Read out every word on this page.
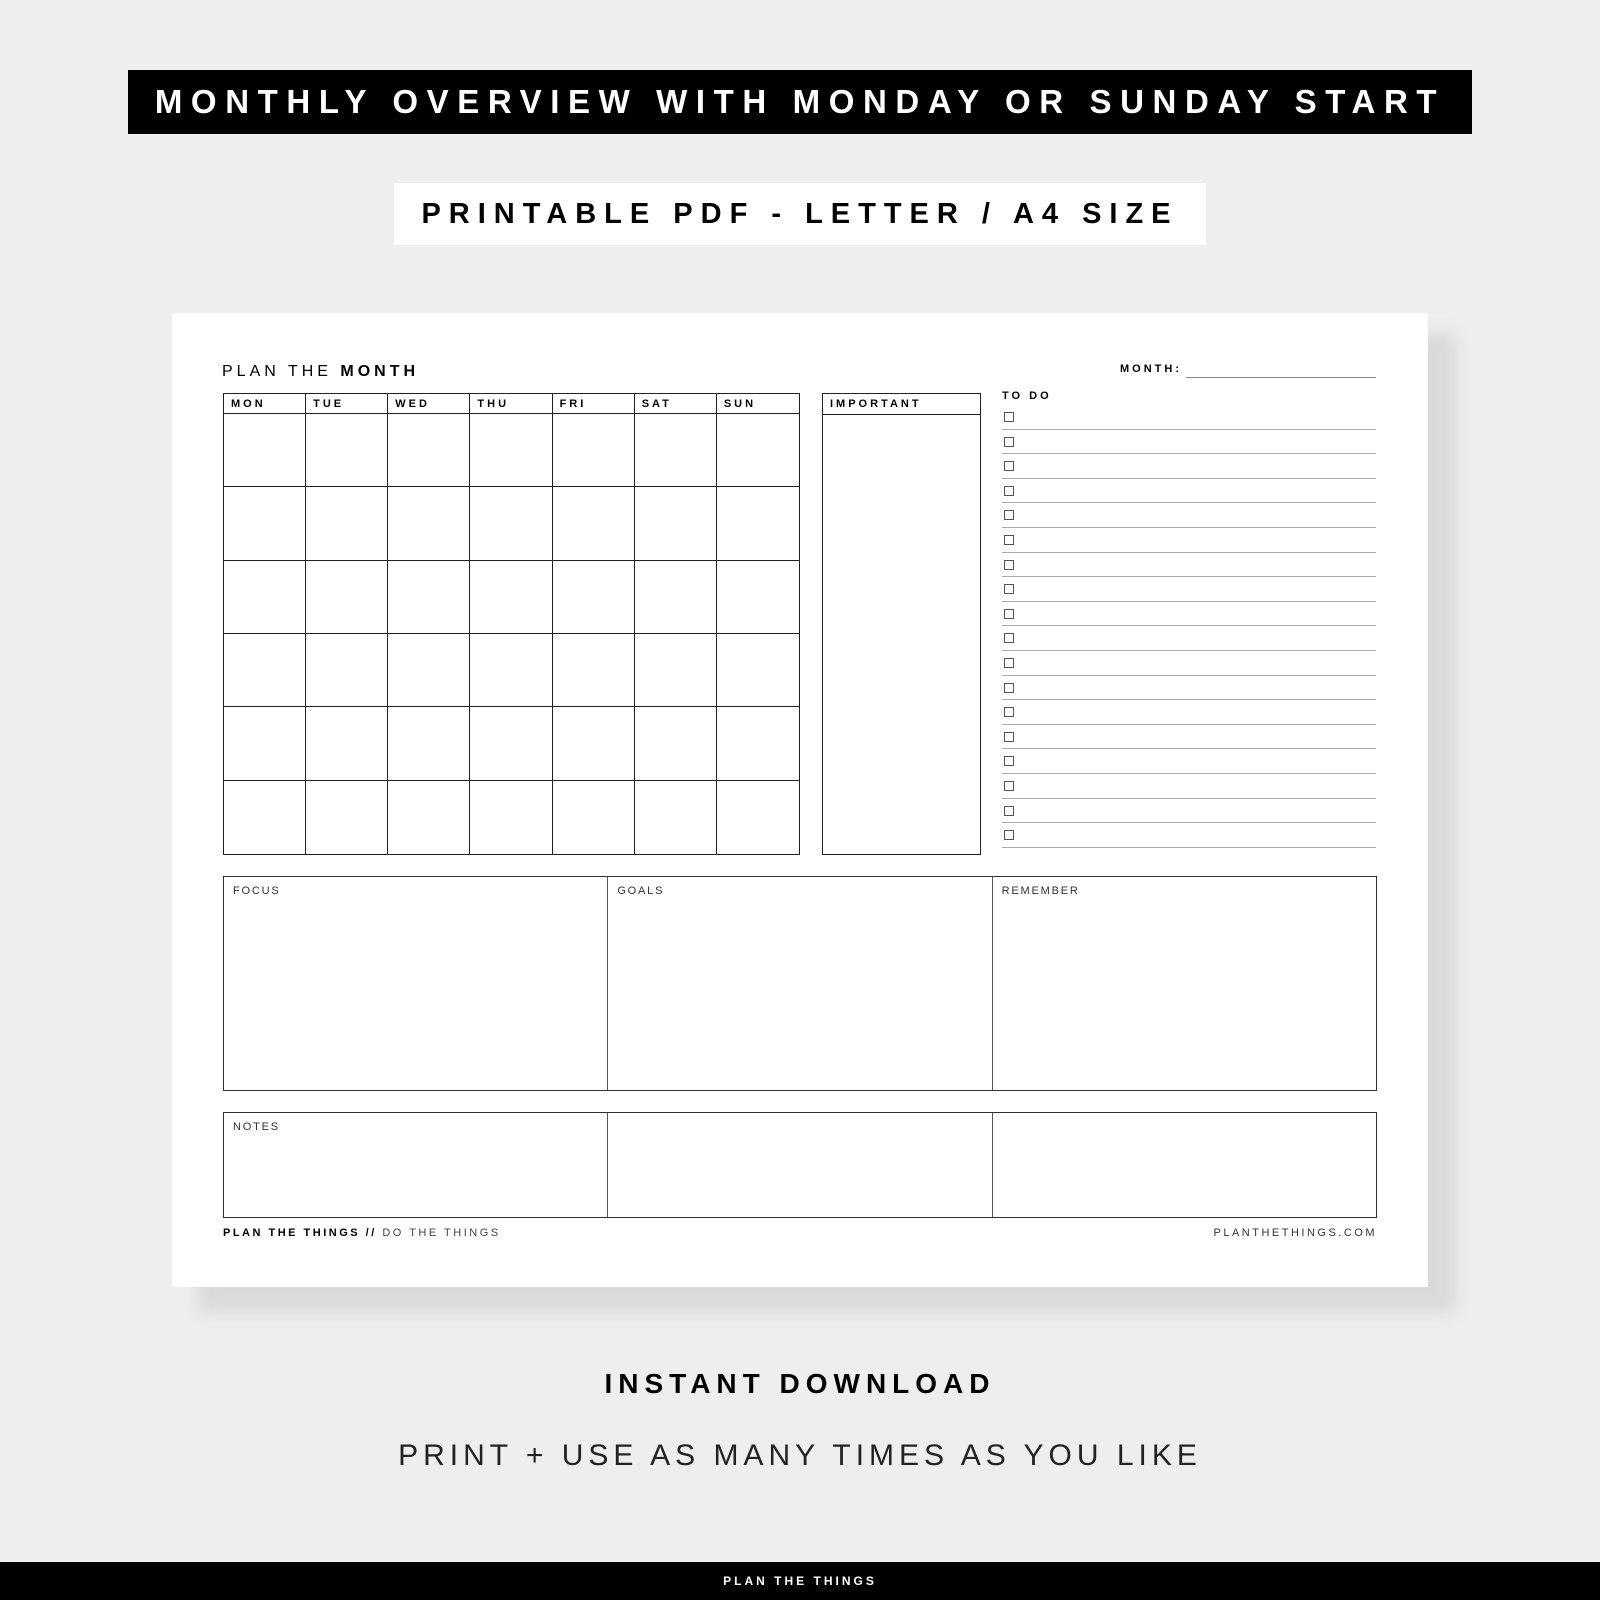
MONTHLY OVERVIEW WITH MONDAY OR SUNDAY START
PRINTABLE PDF - LETTER / A4 SIZE
PLAN THE MONTH	MONTH:
MON	TUE	WED	THU	FRI	SAT	SUN	IMPORTANT
TO DO
FOCUS	GOALS	REMEMBER
NOTES
PLAN THE THINGS // DO THE THINGS	PLANTHETHINGS.COM
INSTANT DOWNLOAD
PRINT + USE AS MANY TIMES AS YOU LIKE
PLAN THE THINGS
